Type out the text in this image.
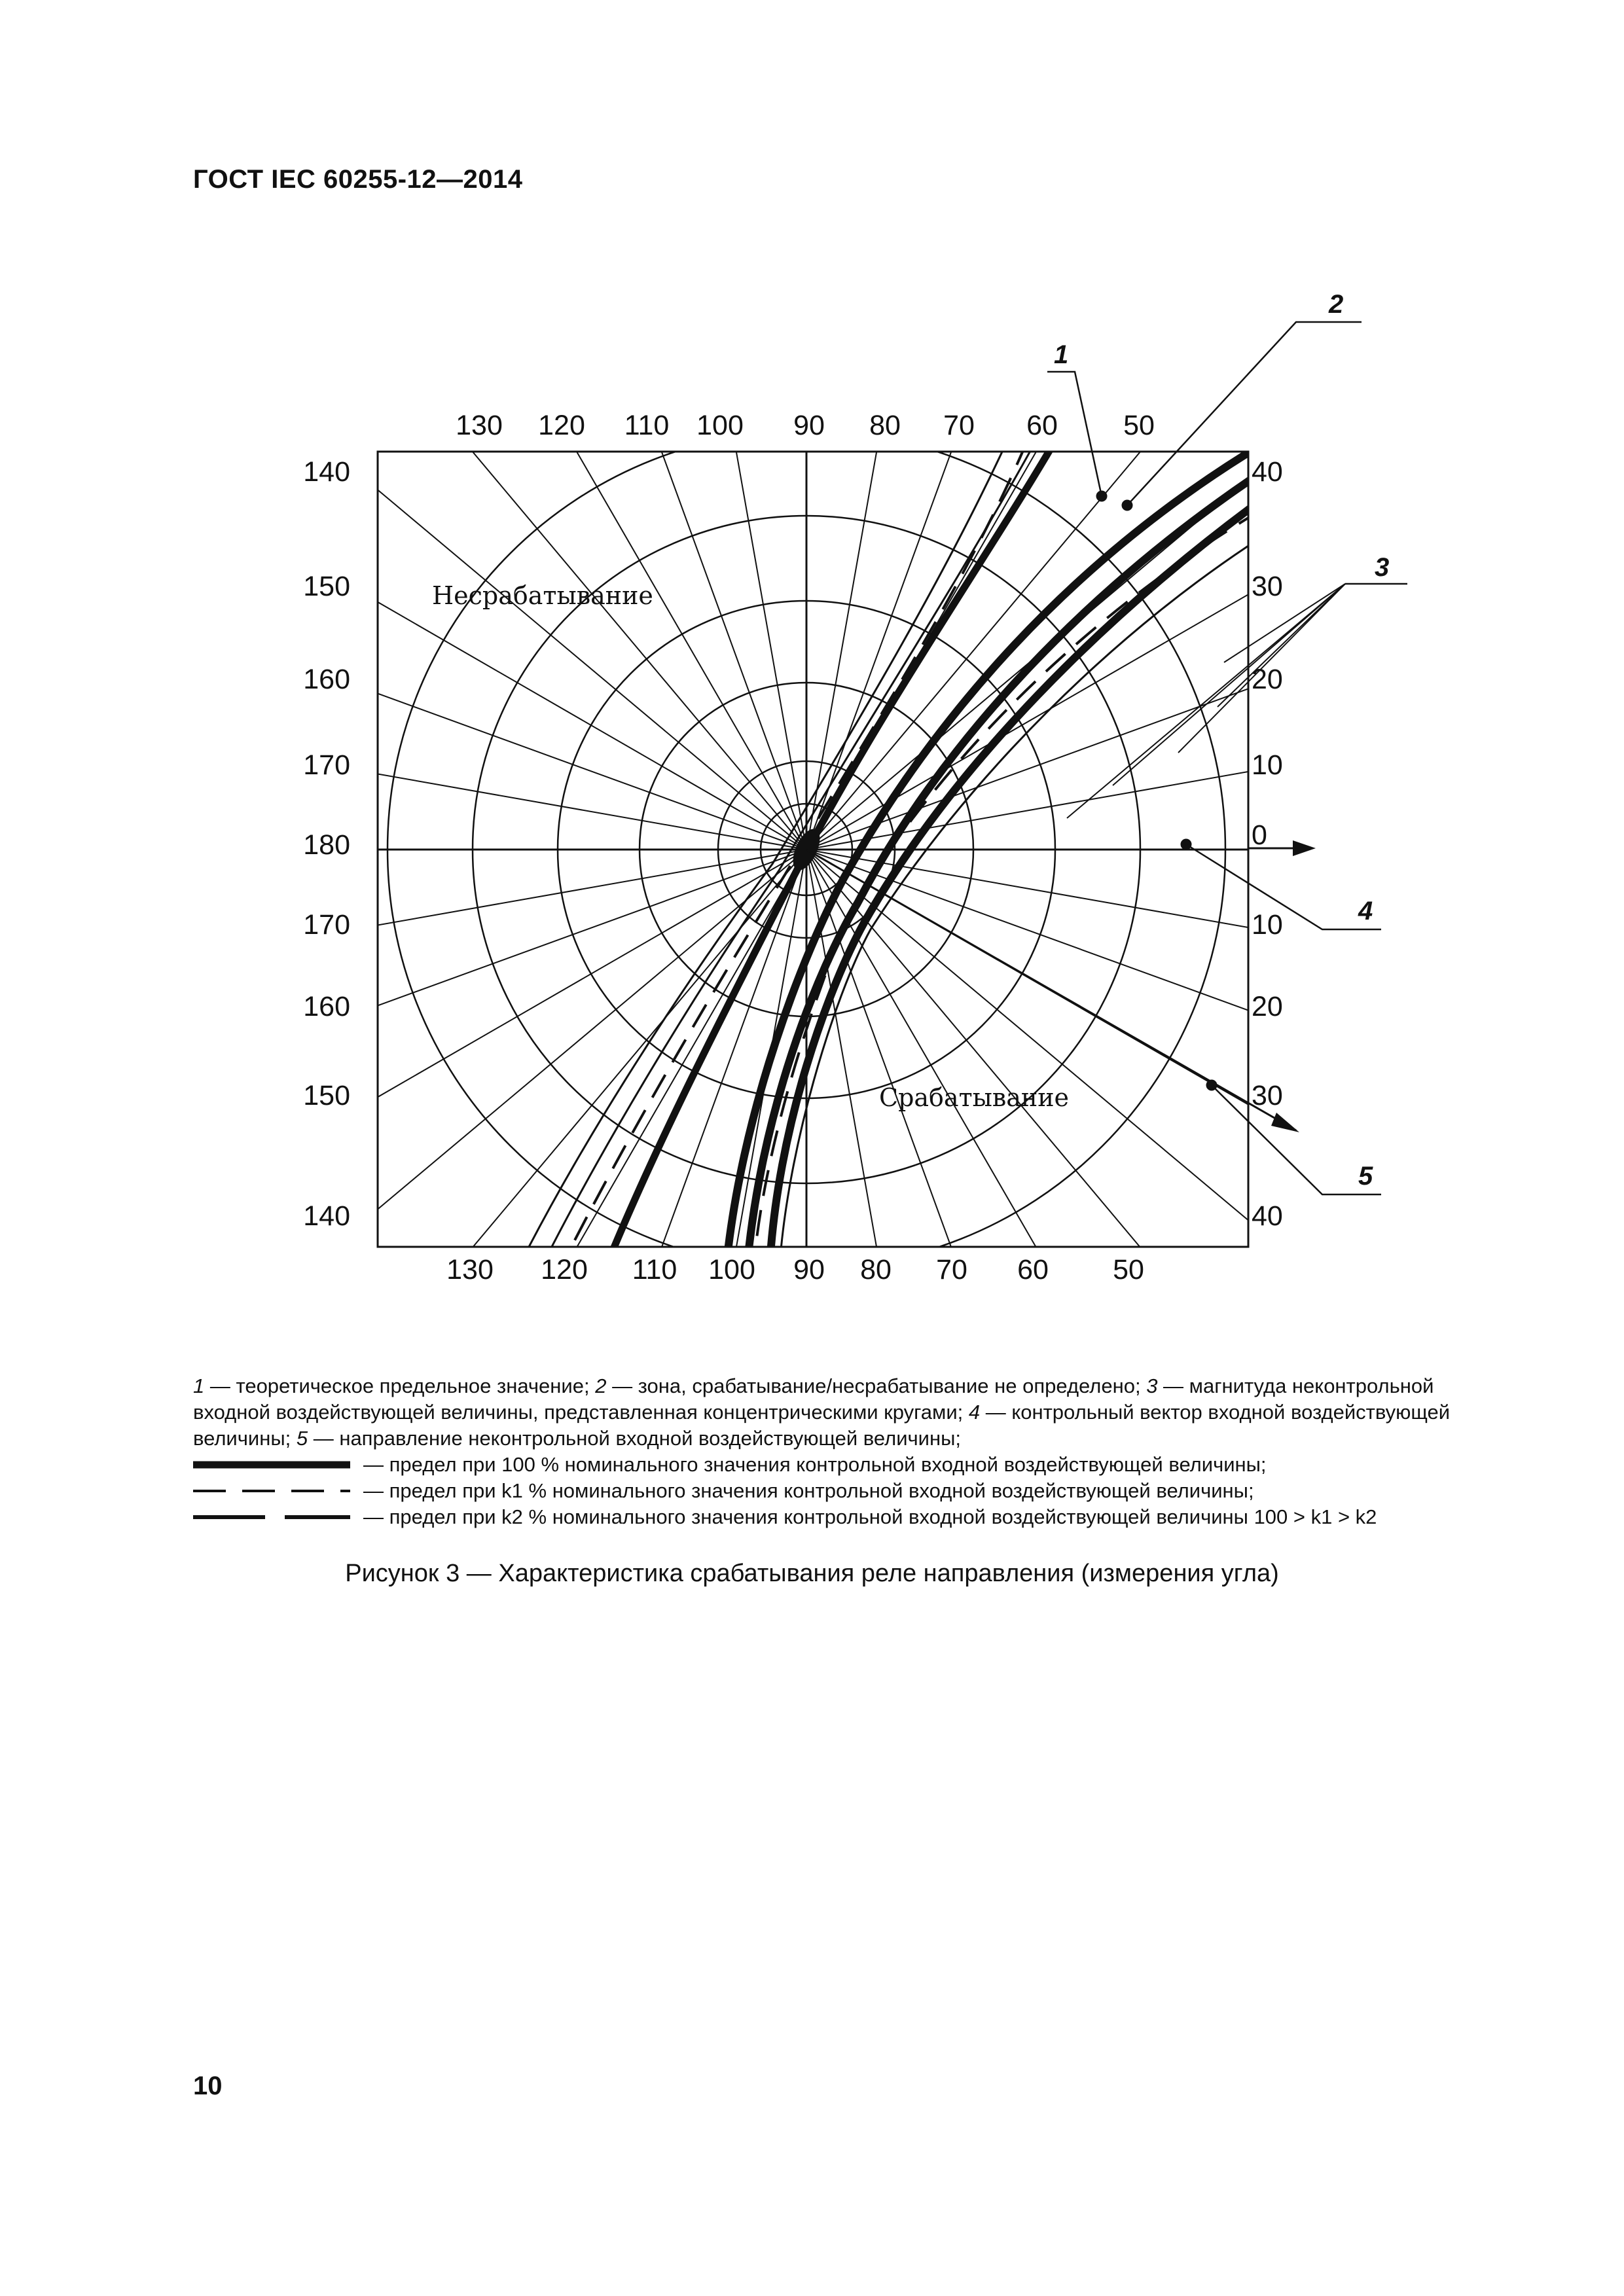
ГОСТ IEC 60255-12—2014
130 120 110 100 90 80 70 60 50
130 120 110 100 90 80 70 60 50
140
150
160
170
180
170
160
150
140
40
30
20
10
0
10
20
30
40
1
2
3
4
5
Несрабатывание
Срабатывание

1 — теоретическое предельное значение; 2 — зона, срабатывание/несрабатывание не определено; 3 — магнитуда неконтрольной входной воздействующей величины, представленная концентрическими кругами; 4 — контрольный вектор входной воздействующей величины; 5 — направление неконтрольной входной воздействующей величины;

— предел при 100 % номинального значения контрольной входной воздействующей величины;
— предел при k1 % номинального значения контрольной входной воздействующей величины;
— предел при k2 % номинального значения контрольной входной воздействующей величины 100 > k1 > k2
Рисунок 3 — Характеристика срабатывания реле направления (измерения угла)
10
